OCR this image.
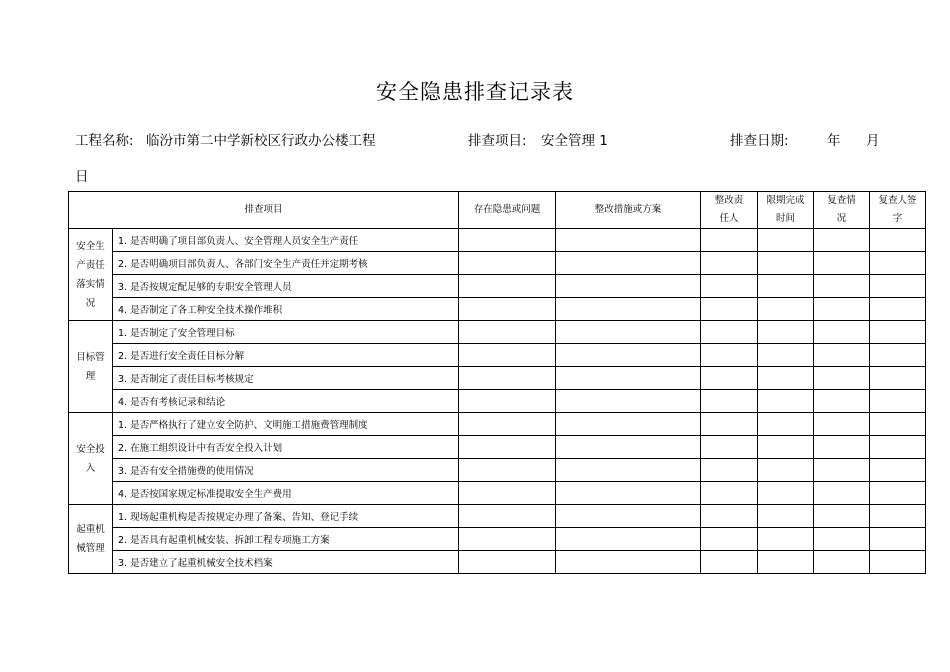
安全隐患排查记录表
工程名称: 临汾市第二中学新校区行政办公楼工程	排查项目: 安全管理 1	排查日期:	年 月
日
排查项目		存在隐患或问题	整改措施或方案	整改责任人	限期完成时间	复查情况	复查人签字
安全生产责任落实情况	1. 是否明确了项目部负责人、安全管理人员安全生产责任						
	2. 是否明确项目部负责人、各部门安全生产责任并定期考核						
	3. 是否按规定配足够的专职安全管理人员						
	4. 是否制定了各工种安全技术操作堆积						
目标管理	1. 是否制定了安全管理目标						
	2. 是否进行安全责任目标分解						
	3. 是否制定了责任目标考核规定						
	4. 是否有考核记录和结论						
安全投入	1. 是否严格执行了建立安全防护、文明施工措施费管理制度						
	2. 在施工组织设计中有否安全投入计划						
	3. 是否有安全措施费的使用情况						
	4. 是否按国家规定标准提取安全生产费用						
起重机械管理	1. 现场起重机构是否按规定办理了备案、告知、登记手续						
	2. 是否具有起重机械安装、拆卸工程专项施工方案						
	3. 是否建立了起重机械安全技术档案						
